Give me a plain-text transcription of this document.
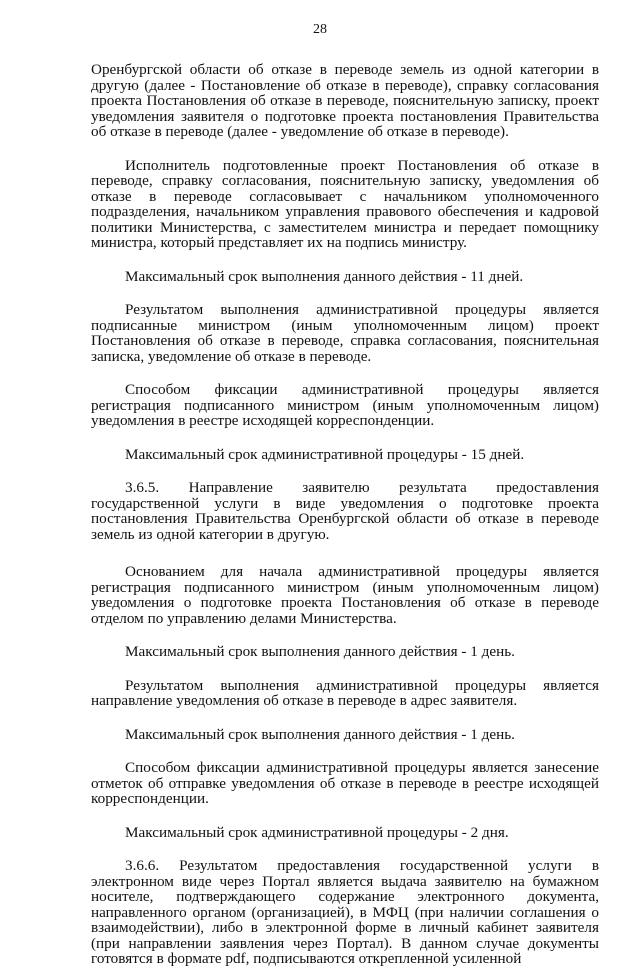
28

Оренбургской области об отказе в переводе земель из одной категории в другую (далее - Постановление об отказе в переводе), справку согласования проекта Постановления об отказе в переводе, пояснительную записку, проект уведомления заявителя о подготовке проекта постановления Правительства об отказе в переводе (далее - уведомление об отказе в переводе).

Исполнитель подготовленные проект Постановления об отказе в переводе, справку согласования, пояснительную записку, уведомления об отказе в переводе согласовывает с начальником уполномоченного подразделения, начальником управления правового обеспечения и кадровой политики Министерства, с заместителем министра и передает помощнику министра, который представляет их на подпись министру.

Максимальный срок выполнения данного действия - 11 дней.

Результатом выполнения административной процедуры является подписанные министром (иным уполномоченным лицом) проект Постановления об отказе в переводе, справка согласования, пояснительная записка, уведомление об отказе в переводе.

Способом фиксации административной процедуры является регистрация подписанного министром (иным уполномоченным лицом) уведомления в реестре исходящей корреспонденции.

Максимальный срок административной процедуры - 15 дней.

3.6.5. Направление заявителю результата предоставления государственной услуги в виде уведомления о подготовке проекта постановления Правительства Оренбургской области об отказе в переводе земель из одной категории в другую.

Основанием для начала административной процедуры является регистрация подписанного министром (иным уполномоченным лицом) уведомления о подготовке проекта Постановления об отказе в переводе отделом по управлению делами Министерства.

Максимальный срок выполнения данного действия - 1 день.

Результатом выполнения административной процедуры является направление уведомления об отказе в переводе в адрес заявителя.

Максимальный срок выполнения данного действия - 1 день.

Способом фиксации административной процедуры является занесение отметок об отправке уведомления об отказе в переводе в реестре исходящей корреспонденции.

Максимальный срок административной процедуры - 2 дня.

3.6.6. Результатом предоставления государственной услуги в электронном виде через Портал является выдача заявителю на бумажном носителе, подтверждающего содержание электронного документа, направленного органом (организацией), в МФЦ (при наличии соглашения о взаимодействии), либо в электронной форме в личный кабинет заявителя (при направлении заявления через Портал). В данном случае документы готовятся в формате pdf, подписываются открепленной усиленной
